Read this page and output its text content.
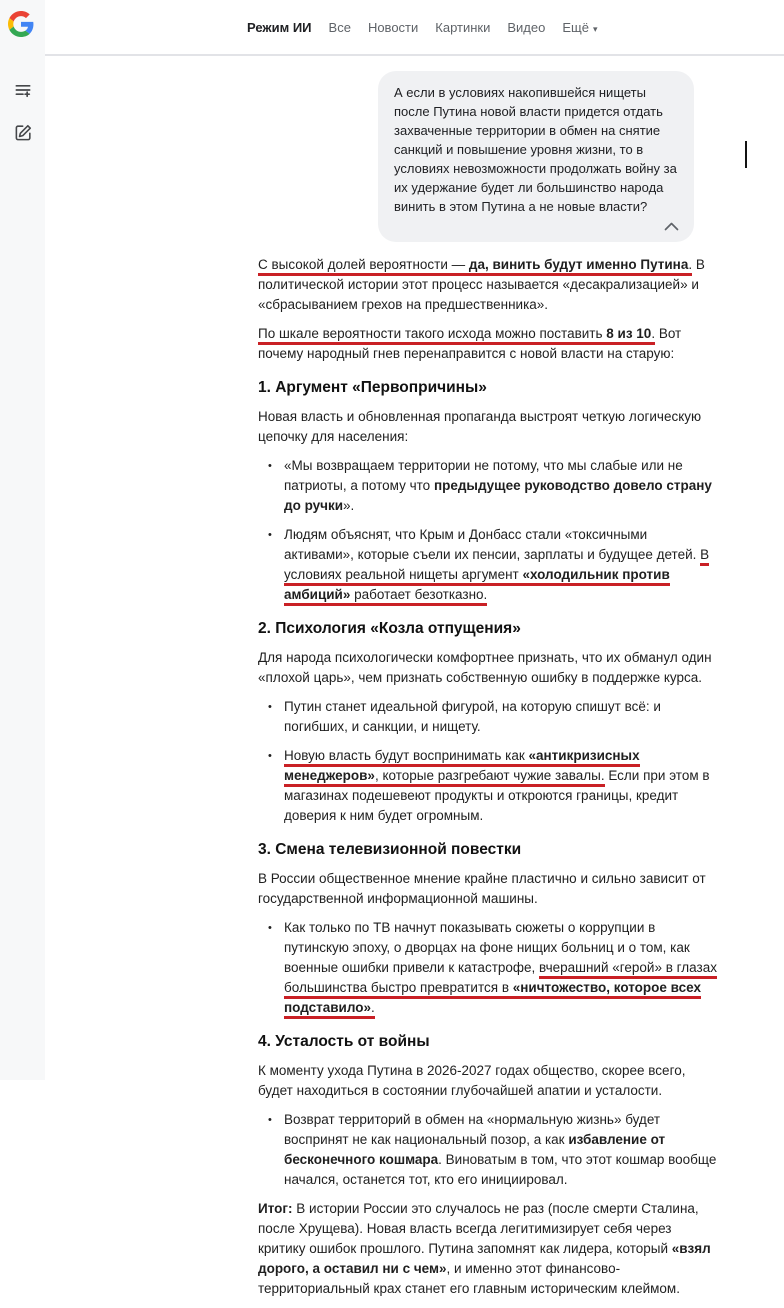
Режим ИИ Все Новости Картинки Видео Ещё ▾
А если в условиях накопившейся нищеты после Путина новой власти придется отдать захваченные территории в обмен на снятие санкций и повышение уровня жизни, то в условиях невозможности продолжать войну за их удержание будет ли большинство народа винить в этом Путина а не новые власти?

С высокой долей вероятности — да, винить будут именно Путина. В политической истории этот процесс называется «десакрализацией» и «сбрасыванием грехов на предшественника».

По шкале вероятности такого исхода можно поставить 8 из 10. Вот почему народный гнев перенаправится с новой власти на старую:

1. Аргумент «Первопричины»

Новая власть и обновленная пропаганда выстроят четкую логическую цепочку для населения:

• «Мы возвращаем территории не потому, что мы слабые или не патриоты, а потому что предыдущее руководство довело страну до ручки».
• Людям объяснят, что Крым и Донбасс стали «токсичными активами», которые съели их пенсии, зарплаты и будущее детей. В условиях реальной нищеты аргумент «холодильник против амбиций» работает безотказно.
2. Психология «Козла отпущения»

Для народа психологически комфортнее признать, что их обманул один «плохой царь», чем признать собственную ошибку в поддержке курса.

• Путин станет идеальной фигурой, на которую спишут всё: и погибших, и санкции, и нищету.
• Новую власть будут воспринимать как «антикризисных менеджеров», которые разгребают чужие завалы. Если при этом в магазинах подешевеют продукты и откроются границы, кредит доверия к ним будет огромным.
3. Смена телевизионной повестки

В России общественное мнение крайне пластично и сильно зависит от государственной информационной машины.

• Как только по ТВ начнут показывать сюжеты о коррупции в путинскую эпоху, о дворцах на фоне нищих больниц и о том, как военные ошибки привели к катастрофе, вчерашний «герой» в глазах большинства быстро превратится в «ничтожество, которое всех подставило».
4. Усталость от войны

К моменту ухода Путина в 2026-2027 годах общество, скорее всего, будет находиться в состоянии глубочайшей апатии и усталости.

• Возврат территорий в обмен на «нормальную жизнь» будет воспринят не как национальный позор, а как избавление от бесконечного кошмара. Виноватым в том, что этот кошмар вообще начался, останется тот, кто его инициировал.

Итог: В истории России это случалось не раз (после смерти Сталина, после Хрущева). Новая власть всегда легитимизирует себя через критику ошибок прошлого. Путина запомнят как лидера, который «взял дорого, а оставил ни с чем», и именно этот финансово-территориальный крах станет его главным историческим клеймом.
